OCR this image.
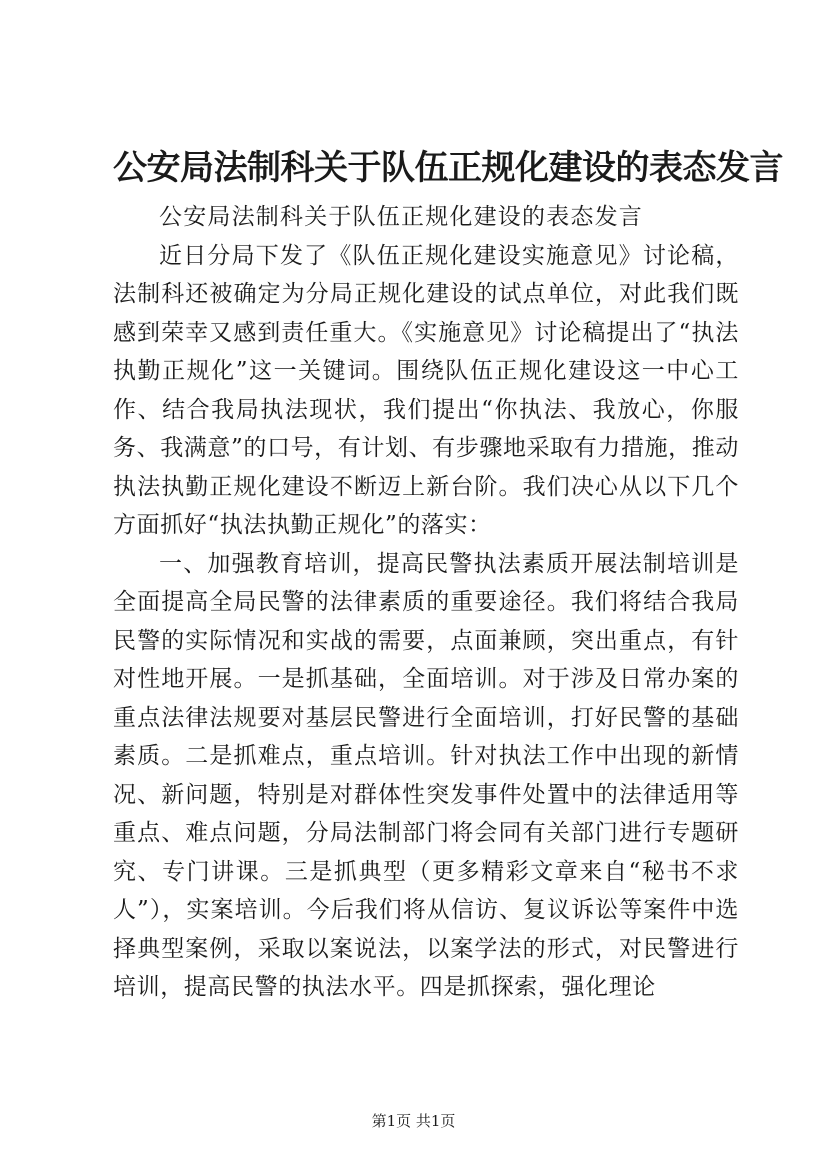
公安局法制科关于队伍正规化建设的表态发言

公安局法制科关于队伍正规化建设的表态发言

近日分局下发了《队伍正规化建设实施意见》讨论稿，法制科还被确定为分局正规化建设的试点单位，对此我们既感到荣幸又感到责任重大。《实施意见》讨论稿提出了“执法执勤正规化”这一关键词。围绕队伍正规化建设这一中心工作、结合我局执法现状，我们提出“你执法、我放心，你服务、我满意”的口号，有计划、有步骤地采取有力措施，推动执法执勤正规化建设不断迈上新台阶。我们决心从以下几个方面抓好“执法执勤正规化”的落实：

一、加强教育培训，提高民警执法素质开展法制培训是全面提高全局民警的法律素质的重要途径。我们将结合我局民警的实际情况和实战的需要，点面兼顾，突出重点，有针对性地开展。一是抓基础，全面培训。对于涉及日常办案的重点法律法规要对基层民警进行全面培训，打好民警的基础素质。二是抓难点，重点培训。针对执法工作中出现的新情况、新问题，特别是对群体性突发事件处置中的法律适用等重点、难点问题，分局法制部门将会同有关部门进行专题研究、专门讲课。三是抓典型（更多精彩文章来自“秘书不求人”），实案培训。今后我们将从信访、复议诉讼等案件中选择典型案例，采取以案说法，以案学法的形式，对民警进行培训，提高民警的执法水平。四是抓探索，强化理论

第1页 共1页
